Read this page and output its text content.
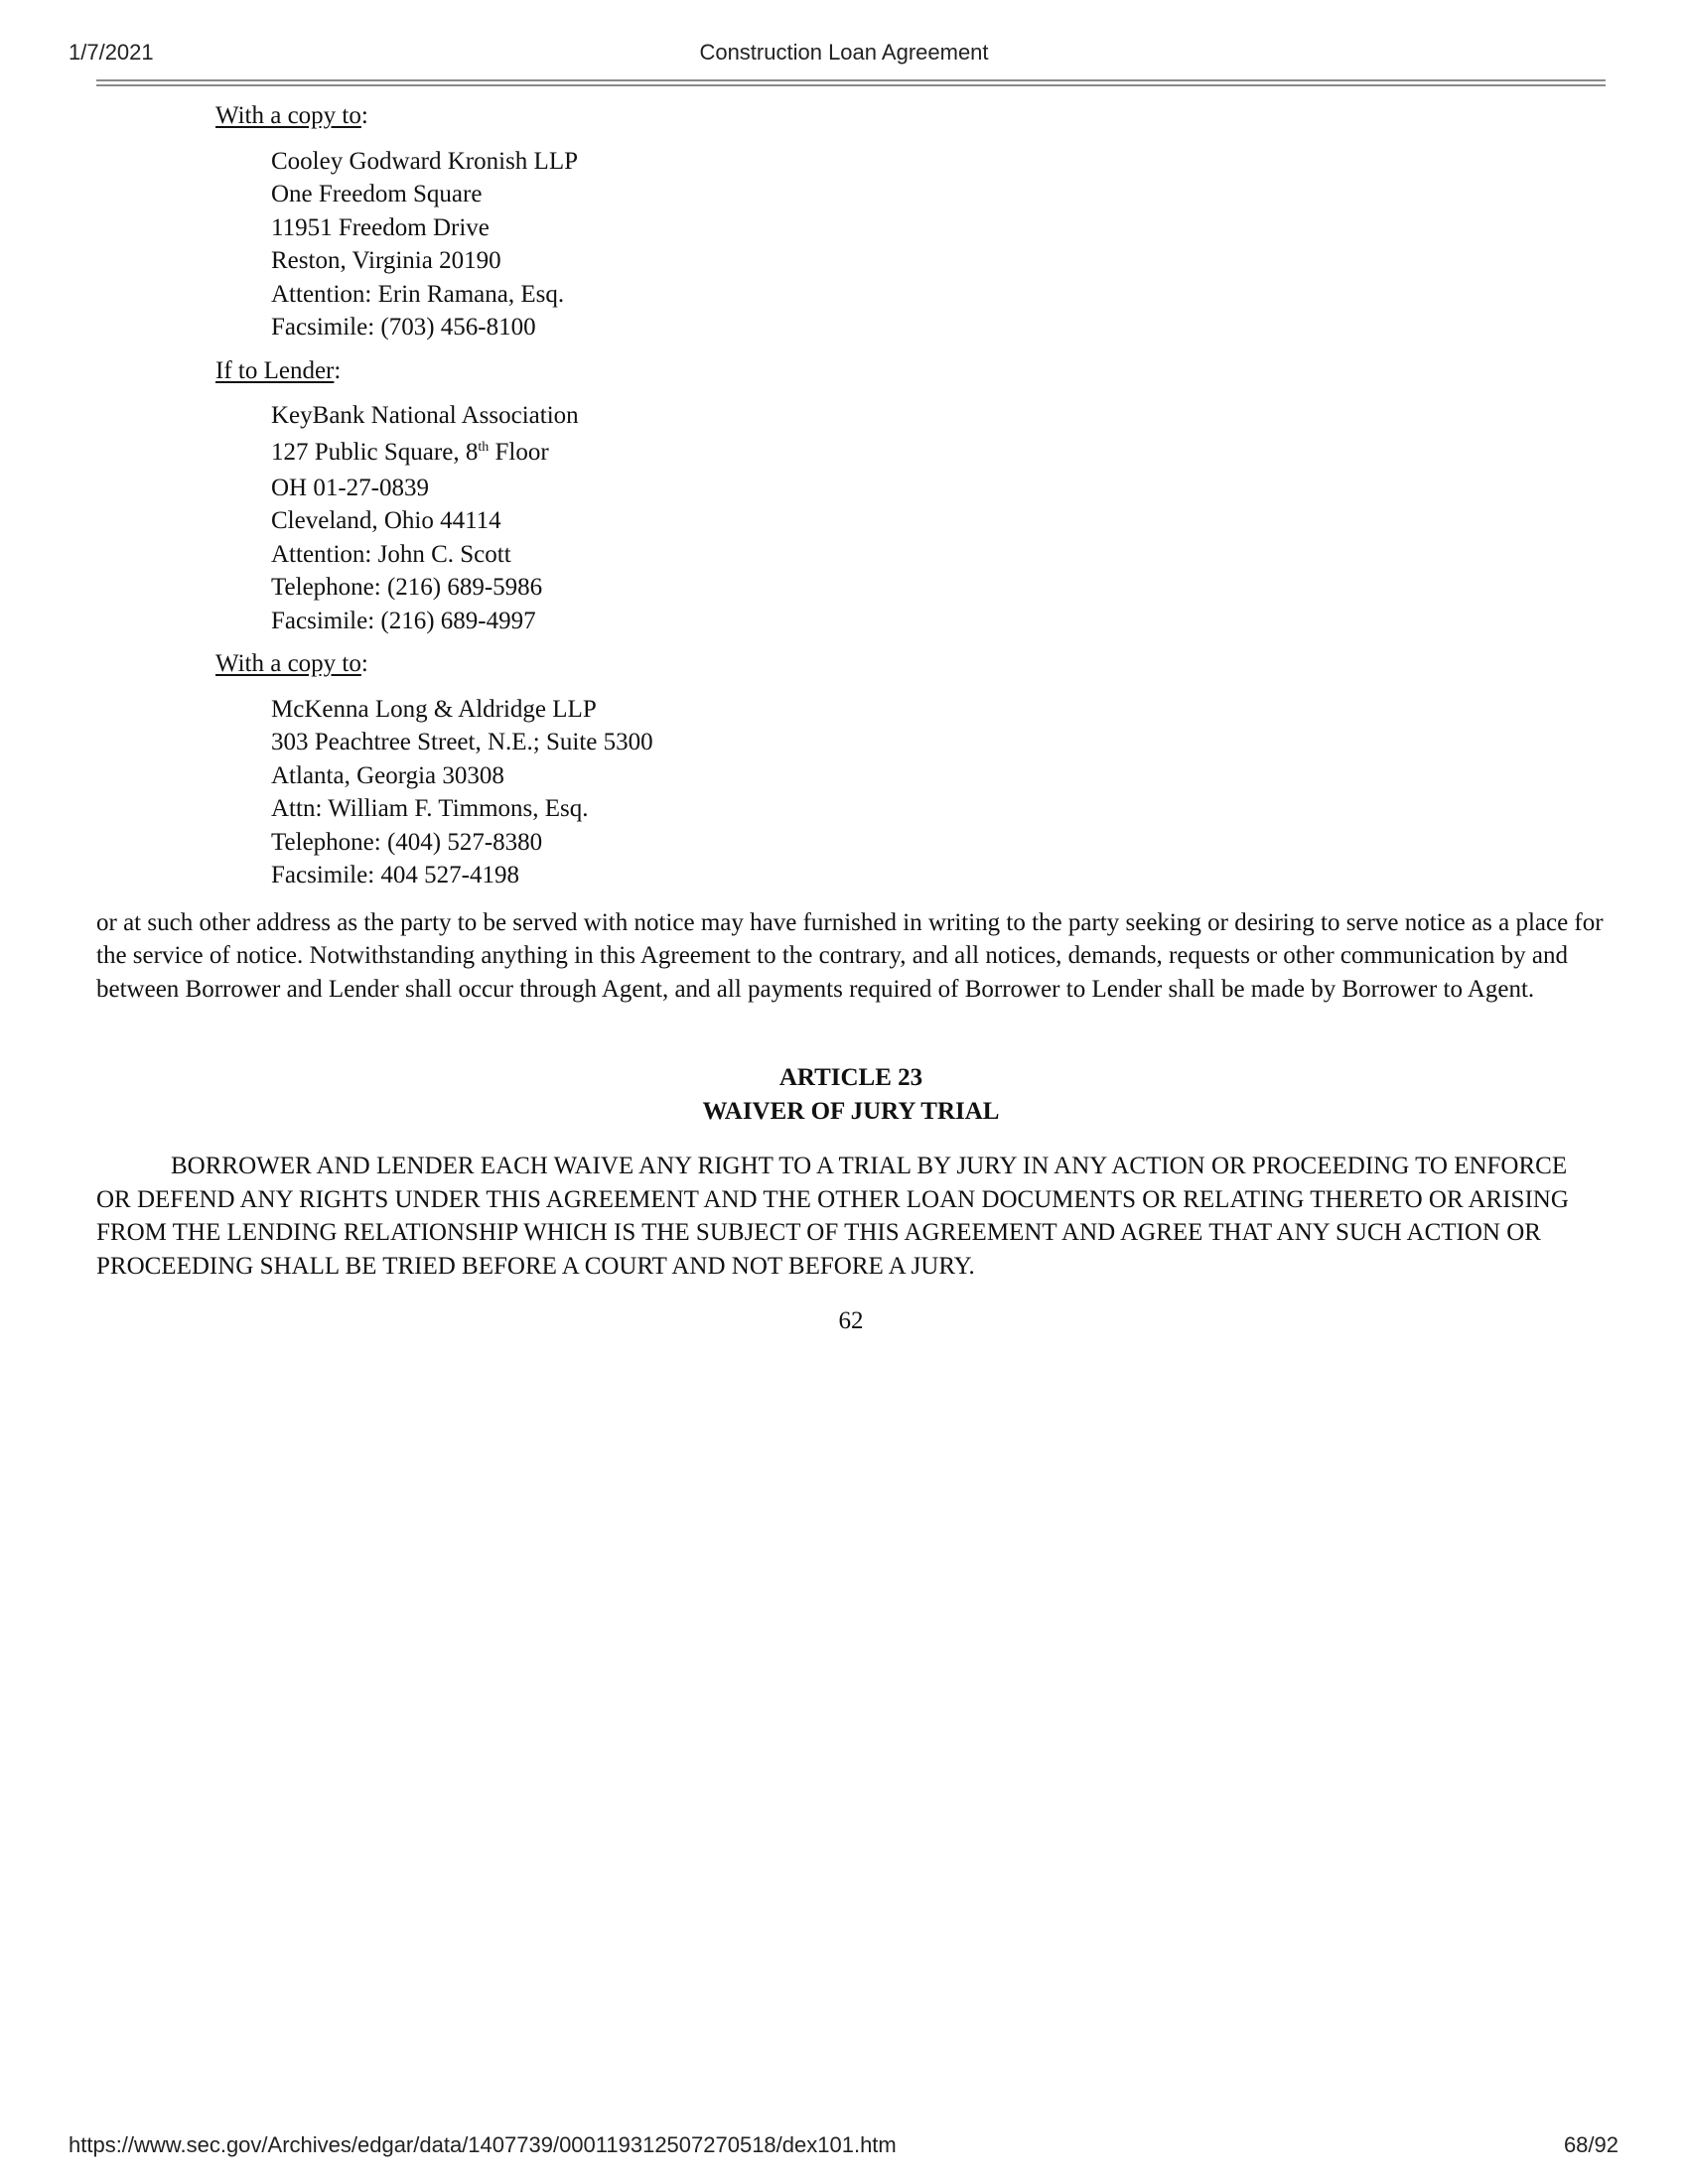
1/7/2021	Construction Loan Agreement
With a copy to:
Cooley Godward Kronish LLP
One Freedom Square
11951 Freedom Drive
Reston, Virginia 20190
Attention: Erin Ramana, Esq.
Facsimile: (703) 456-8100
If to Lender:
KeyBank National Association
127 Public Square, 8th Floor
OH 01-27-0839
Cleveland, Ohio 44114
Attention: John C. Scott
Telephone: (216) 689-5986
Facsimile: (216) 689-4997
With a copy to:
McKenna Long & Aldridge LLP
303 Peachtree Street, N.E.; Suite 5300
Atlanta, Georgia 30308
Attn: William F. Timmons, Esq.
Telephone: (404) 527-8380
Facsimile: 404 527-4198
or at such other address as the party to be served with notice may have furnished in writing to the party seeking or desiring to serve notice as a place for the service of notice. Notwithstanding anything in this Agreement to the contrary, and all notices, demands, requests or other communication by and between Borrower and Lender shall occur through Agent, and all payments required of Borrower to Lender shall be made by Borrower to Agent.
ARTICLE 23
WAIVER OF JURY TRIAL
BORROWER AND LENDER EACH WAIVE ANY RIGHT TO A TRIAL BY JURY IN ANY ACTION OR PROCEEDING TO ENFORCE OR DEFEND ANY RIGHTS UNDER THIS AGREEMENT AND THE OTHER LOAN DOCUMENTS OR RELATING THERETO OR ARISING FROM THE LENDING RELATIONSHIP WHICH IS THE SUBJECT OF THIS AGREEMENT AND AGREE THAT ANY SUCH ACTION OR PROCEEDING SHALL BE TRIED BEFORE A COURT AND NOT BEFORE A JURY.
62
https://www.sec.gov/Archives/edgar/data/1407739/000119312507270518/dex101.htm	68/92
